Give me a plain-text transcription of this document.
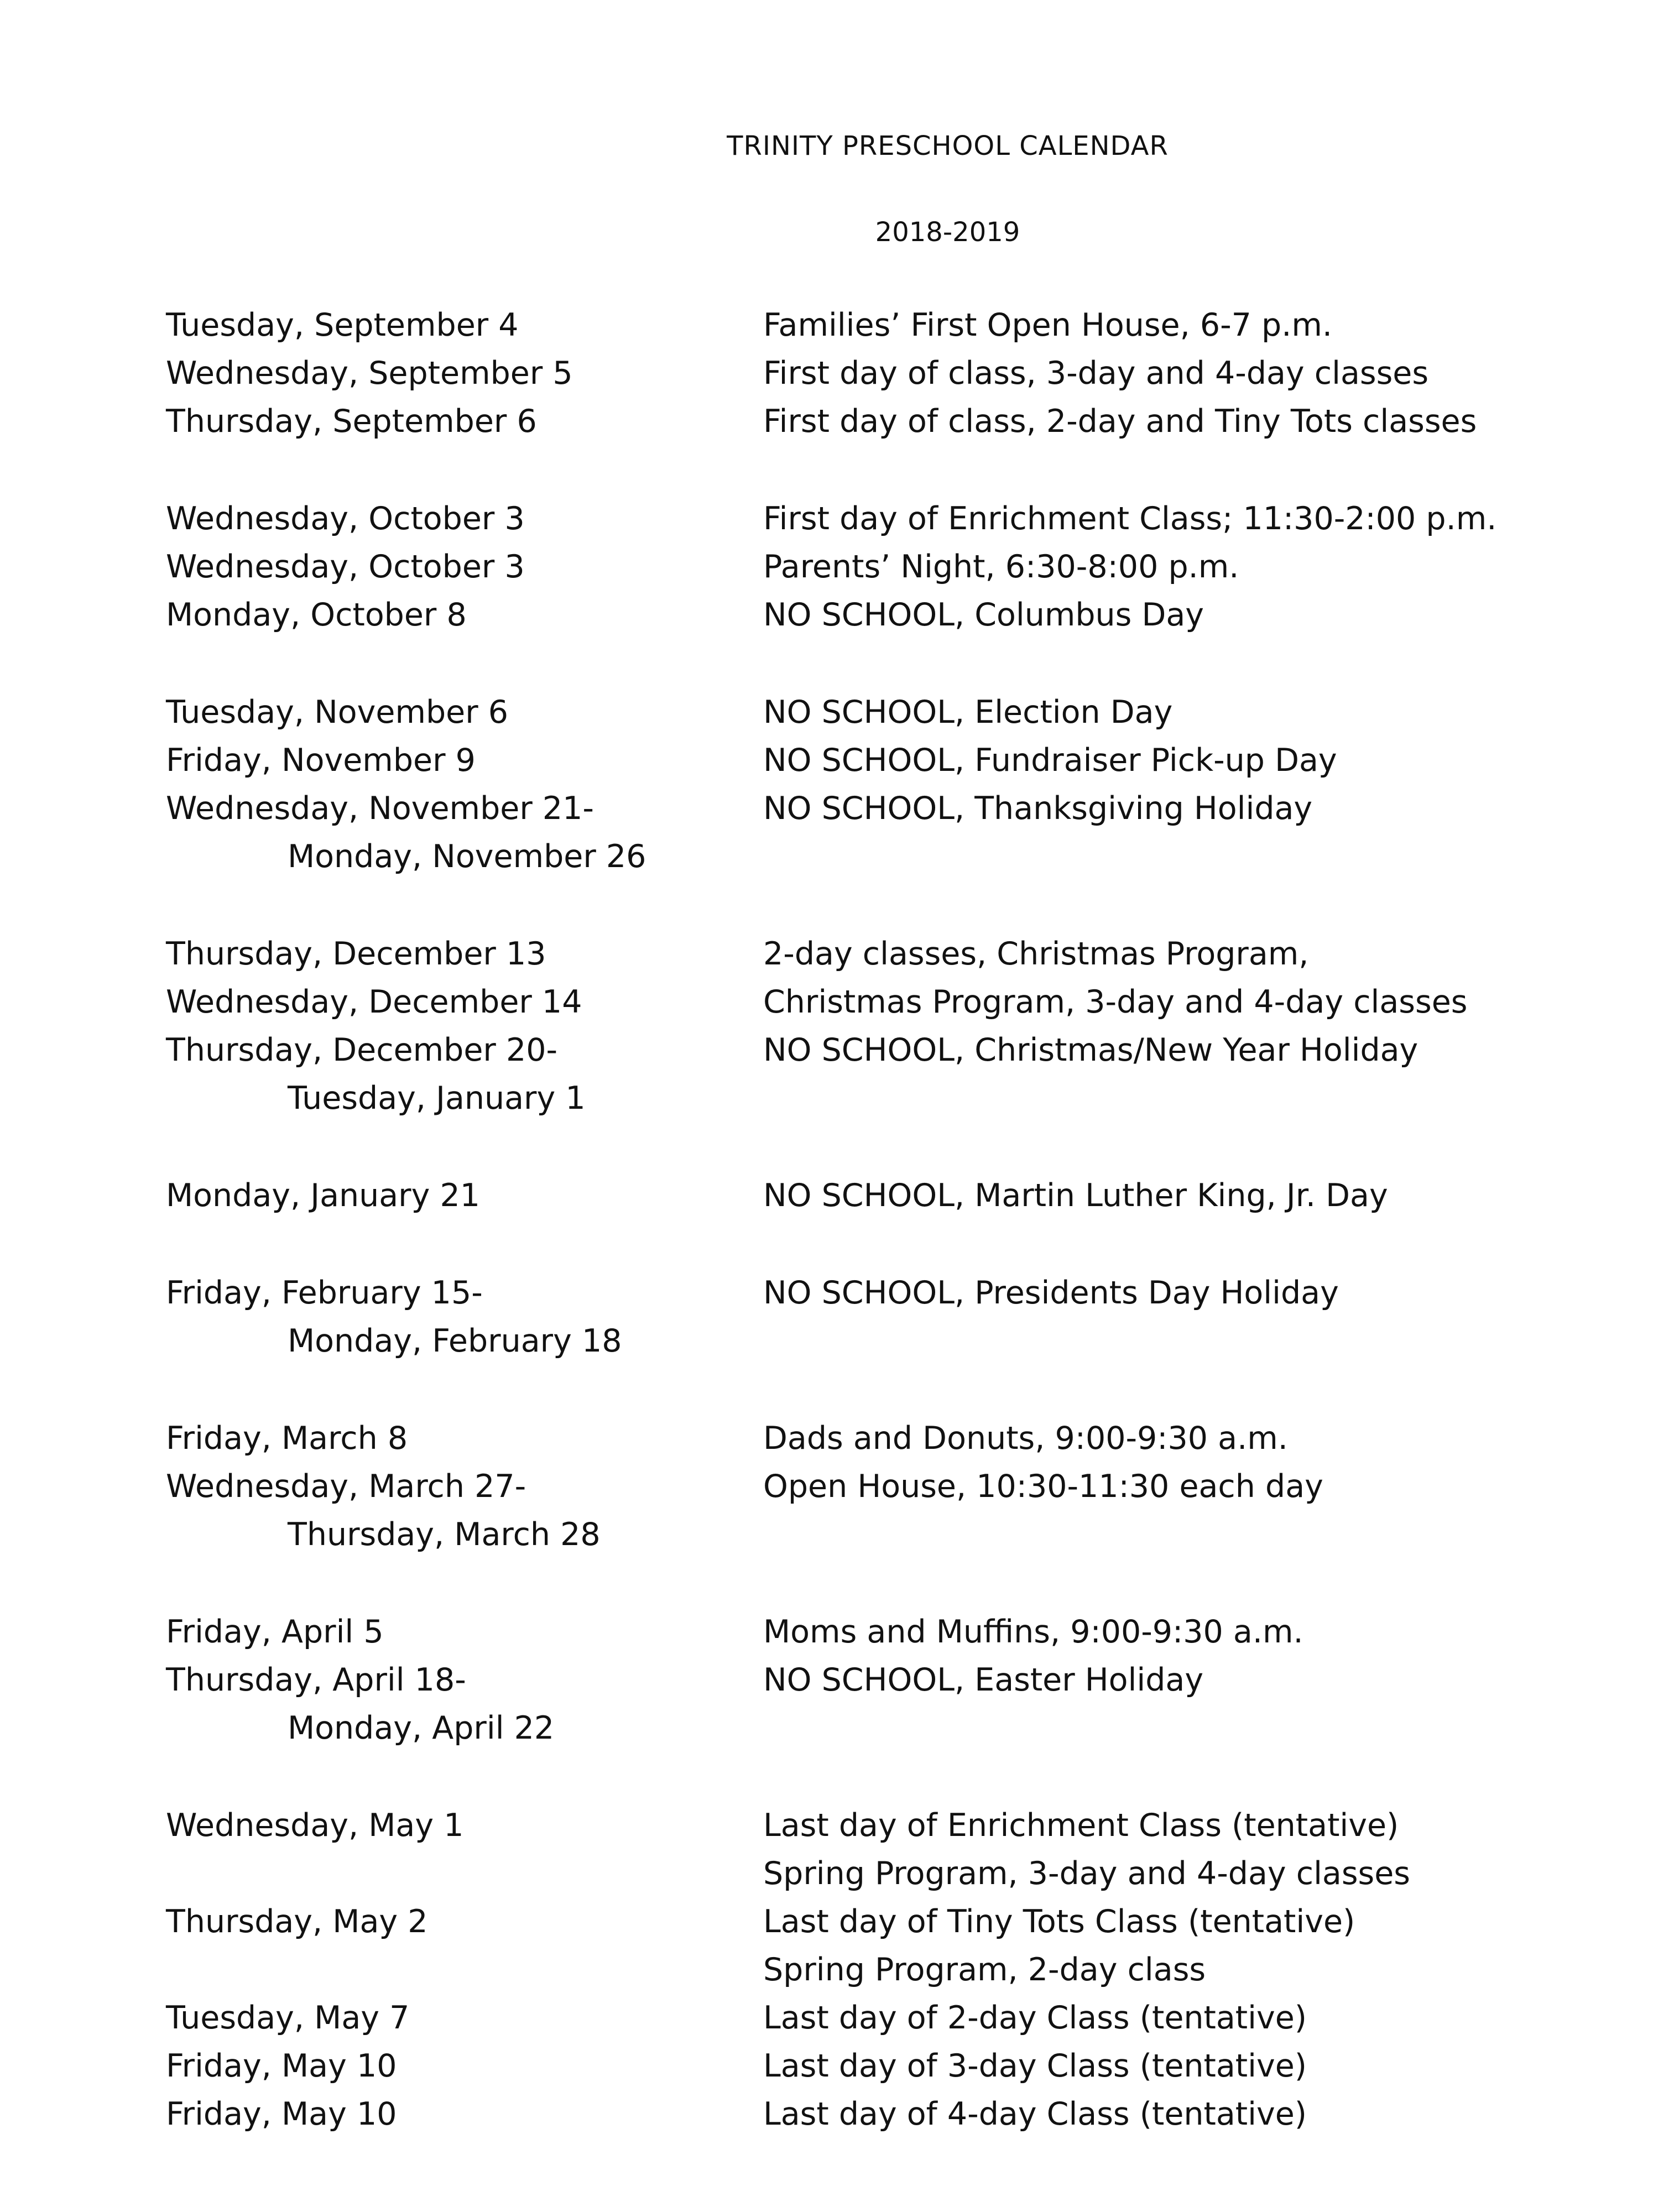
TRINITY PRESCHOOL CALENDAR
2018-2019
Tuesday, September 4	Families’ First Open House, 6-7 p.m.
Wednesday, September 5	First day of class, 3-day and 4-day classes
Thursday, September 6	First day of class, 2-day and Tiny Tots classes
Wednesday, October 3	First day of Enrichment Class; 11:30-2:00 p.m.
Wednesday, October 3	Parents’ Night, 6:30-8:00 p.m.
Monday, October 8	NO SCHOOL, Columbus Day
Tuesday, November 6	NO SCHOOL, Election Day
Friday, November 9	NO SCHOOL, Fundraiser Pick-up Day
Wednesday, November 21-	NO SCHOOL, Thanksgiving Holiday
Monday, November 26
Thursday, December 13	2-day classes, Christmas Program,
Wednesday, December 14	Christmas Program, 3-day and 4-day classes
Thursday, December 20-	NO SCHOOL, Christmas/New Year Holiday
Tuesday, January 1
Monday, January 21	NO SCHOOL, Martin Luther King, Jr. Day
Friday, February 15-	NO SCHOOL, Presidents Day Holiday
Monday, February 18
Friday, March 8	Dads and Donuts, 9:00-9:30 a.m.
Wednesday, March 27-	Open House, 10:30-11:30 each day
Thursday, March 28
Friday, April 5	Moms and Muffins, 9:00-9:30 a.m.
Thursday, April 18-	NO SCHOOL, Easter Holiday
Monday, April 22
Wednesday, May 1	Last day of Enrichment Class (tentative)
Spring Program, 3-day and 4-day classes
Thursday, May 2	Last day of Tiny Tots Class (tentative)
Spring Program, 2-day class
Tuesday, May 7	Last day of 2-day Class (tentative)
Friday, May 10	Last day of 3-day Class (tentative)
Friday, May 10	Last day of 4-day Class (tentative)
